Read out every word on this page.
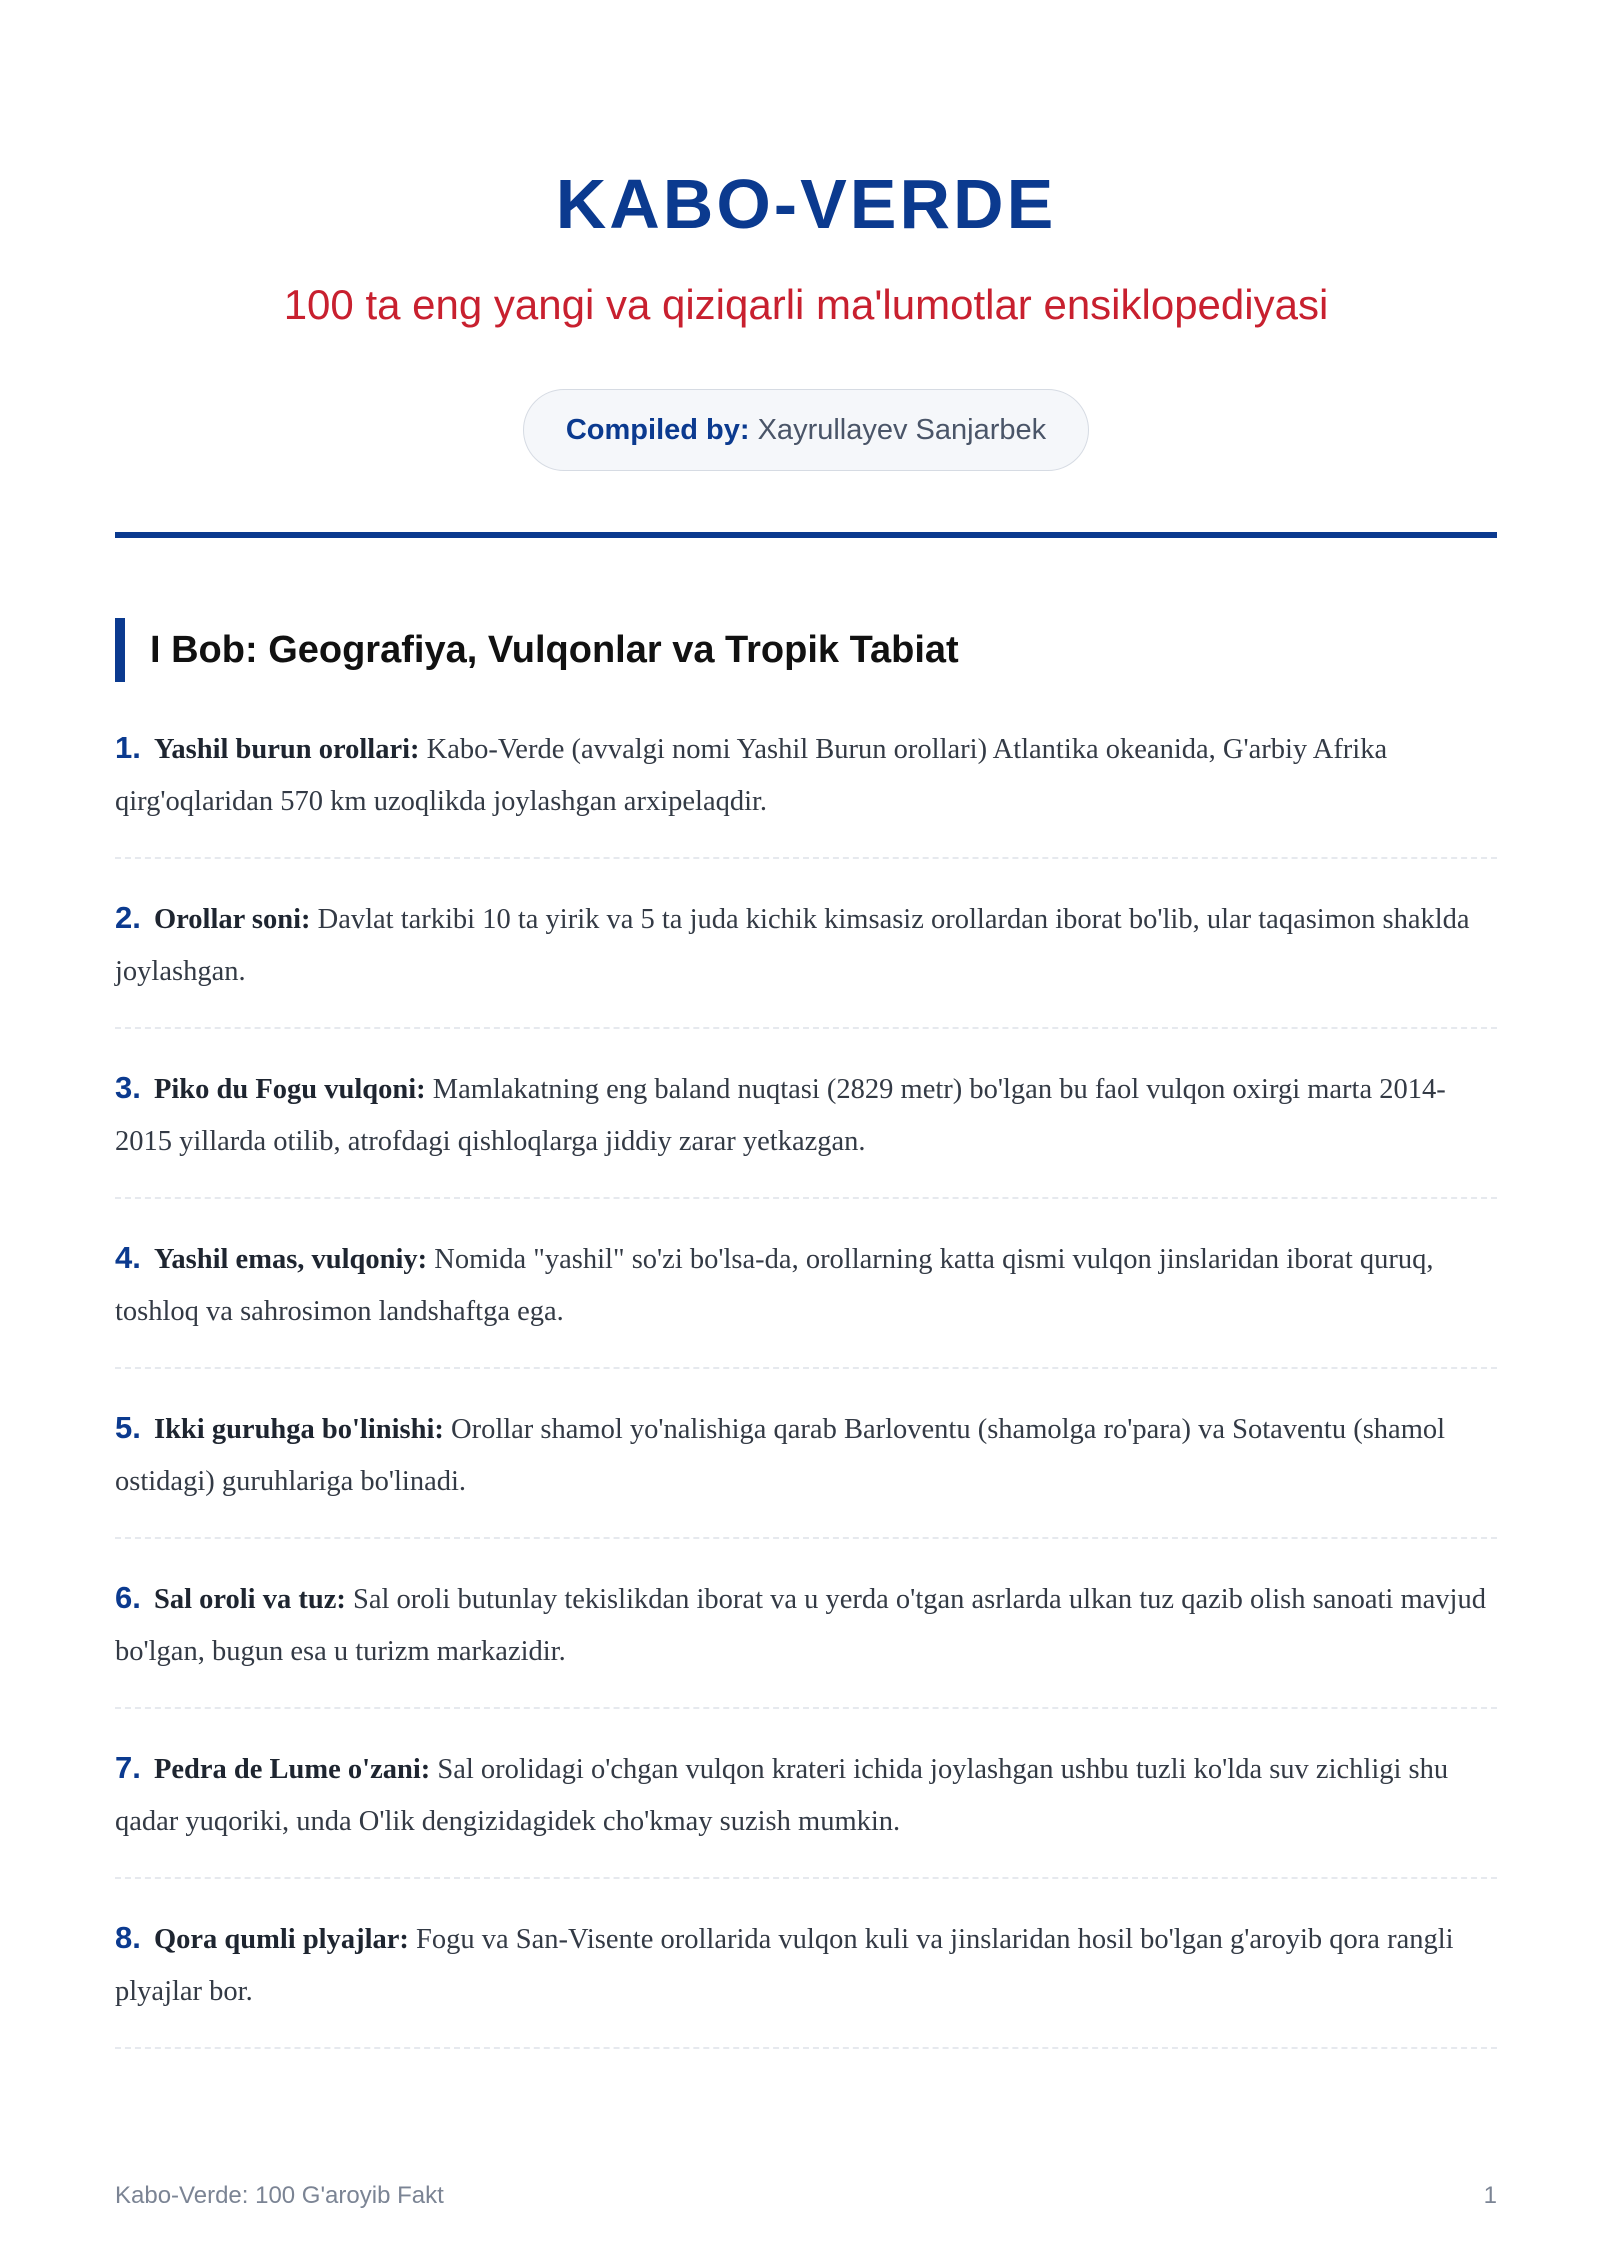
KABO-VERDE

100 ta eng yangi va qiziqarli ma'lumotlar ensiklopediyasi

Compiled by: Xayrullayev Sanjarbek
I Bob: Geografiya, Vulqonlar va Tropik Tabiat
1. Yashil burun orollari: Kabo-Verde (avvalgi nomi Yashil Burun orollari) Atlantika okeanida, G'arbiy Afrika qirg'oqlaridan 570 km uzoqlikda joylashgan arxipelaqdir.
2. Orollar soni: Davlat tarkibi 10 ta yirik va 5 ta juda kichik kimsasiz orollardan iborat bo'lib, ular taqasimon shaklda joylashgan.
3. Piko du Fogu vulqoni: Mamlakatning eng baland nuqtasi (2829 metr) bo'lgan bu faol vulqon oxirgi marta 2014-2015 yillarda otilib, atrofdagi qishloqlarga jiddiy zarar yetkazgan.
4. Yashil emas, vulqoniy: Nomida "yashil" so'zi bo'lsa-da, orollarning katta qismi vulqon jinslaridan iborat quruq, toshloq va sahrosimon landshaftga ega.
5. Ikki guruhga bo'linishi: Orollar shamol yo'nalishiga qarab Barloventu (shamolga ro'para) va Sotaventu (shamol ostidagi) guruhlariga bo'linadi.
6. Sal oroli va tuz: Sal oroli butunlay tekislikdan iborat va u yerda o'tgan asrlarda ulkan tuz qazib olish sanoati mavjud bo'lgan, bugun esa u turizm markazidir.
7. Pedra de Lume o'zani: Sal orolidagi o'chgan vulqon krateri ichida joylashgan ushbu tuzli ko'lda suv zichligi shu qadar yuqoriki, unda O'lik dengizidagidek cho'kmay suzish mumkin.
8. Qora qumli plyajlar: Fogu va San-Visente orollarida vulqon kuli va jinslaridan hosil bo'lgan g'aroyib qora rangli plyajlar bor.
Kabo-Verde: 100 G'aroyib Fakt	1
